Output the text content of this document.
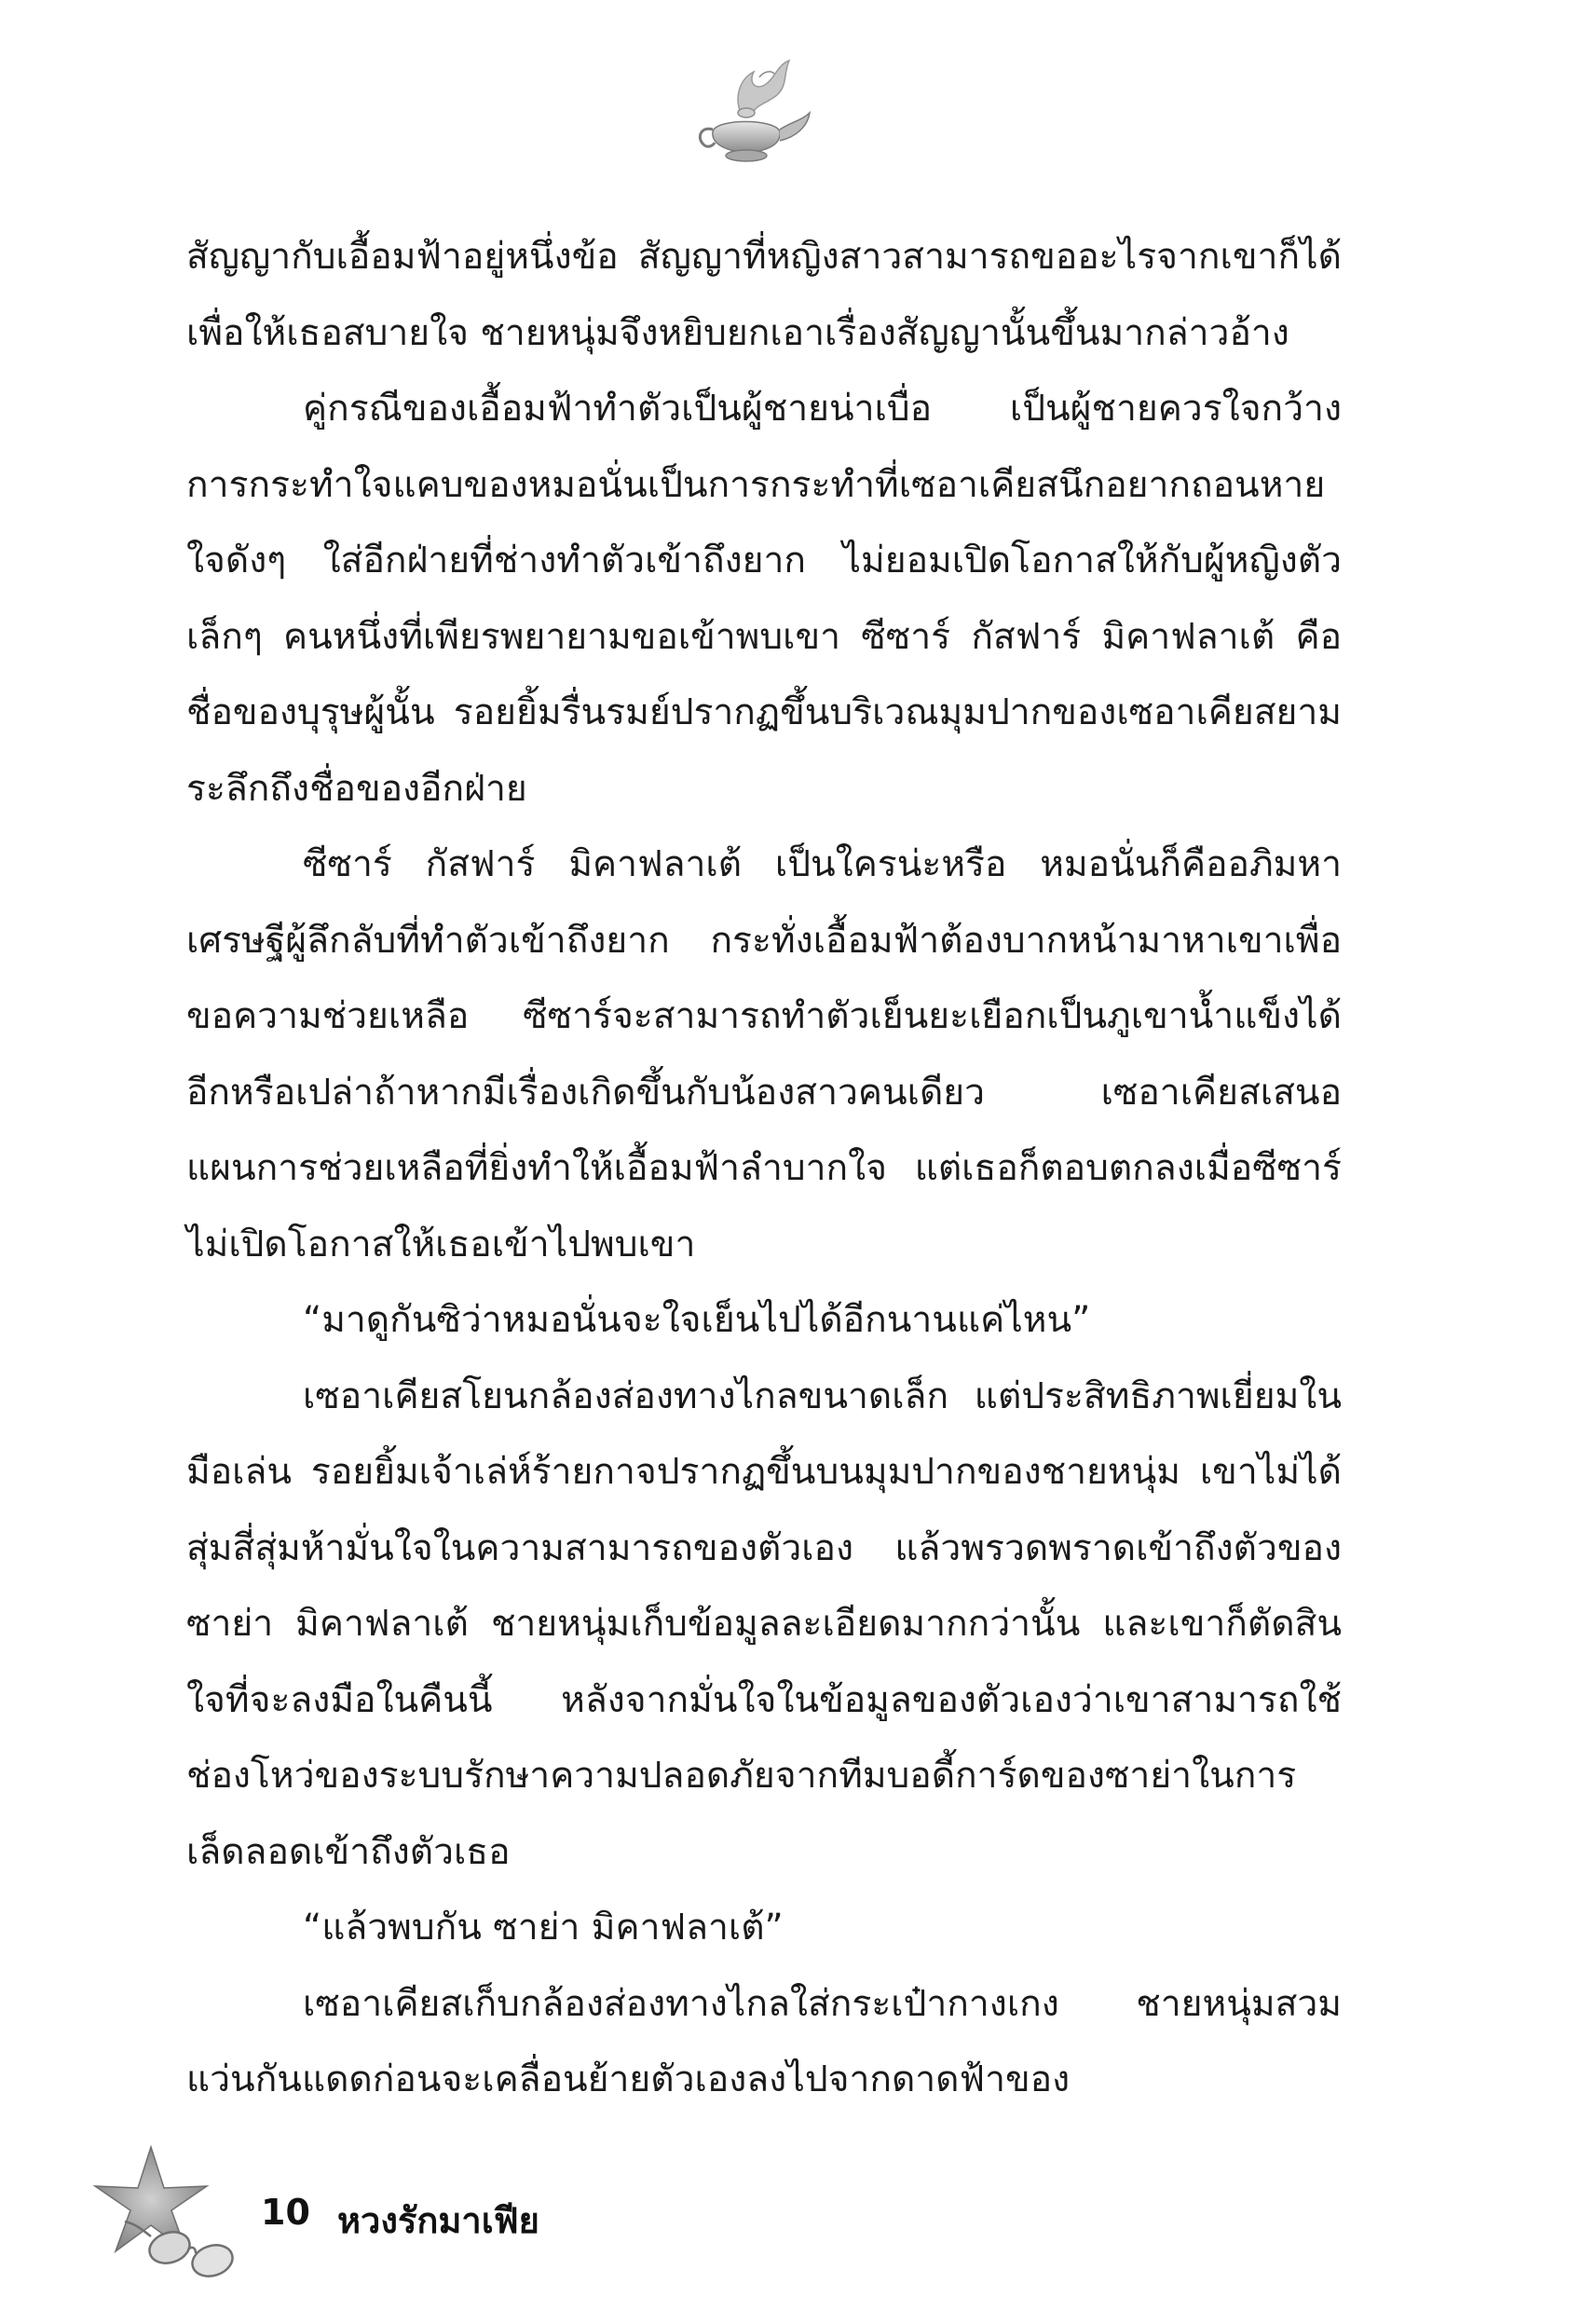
สัญญากับเอื้อมฟ้าอยู่หนึ่งข้อ สัญญาที่หญิงสาวสามารถขออะไรจากเขาก็ได้ เพื่อให้เธอสบายใจ ชายหนุ่มจึงหยิบยกเอาเรื่องสัญญานั้นขึ้นมากล่าวอ้าง

คู่กรณีของเอื้อมฟ้าทำตัวเป็นผู้ชายน่าเบื่อ เป็นผู้ชายควรใจกว้าง การกระทำใจแคบของหมอนั่นเป็นการกระทำที่เซอาเคียสนึกอยากถอนหายใจดังๆ ใส่อีกฝ่ายที่ช่างทำตัวเข้าถึงยาก ไม่ยอมเปิดโอกาสให้กับผู้หญิงตัวเล็กๆ คนหนึ่งที่เพียรพยายามขอเข้าพบเขา ซีซาร์ กัสฟาร์ มิคาฟลาเต้ คือชื่อของบุรุษผู้นั้น รอยยิ้มรื่นรมย์ปรากฏขึ้นบริเวณมุมปากของเซอาเคียสยามระลึกถึงชื่อของอีกฝ่าย

ซีซาร์ กัสฟาร์ มิคาฟลาเต้ เป็นใครน่ะหรือ หมอนั่นก็คืออภิมหาเศรษฐีผู้ลึกลับที่ทำตัวเข้าถึงยาก กระทั่งเอื้อมฟ้าต้องบากหน้ามาหาเขาเพื่อขอความช่วยเหลือ ซีซาร์จะสามารถทำตัวเย็นยะเยือกเป็นภูเขาน้ำแข็งได้อีกหรือเปล่าถ้าหากมีเรื่องเกิดขึ้นกับน้องสาวคนเดียว เซอาเคียสเสนอแผนการช่วยเหลือที่ยิ่งทำให้เอื้อมฟ้าลำบากใจ แต่เธอก็ตอบตกลงเมื่อซีซาร์ไม่เปิดโอกาสให้เธอเข้าไปพบเขา

“มาดูกันซิว่าหมอนั่นจะใจเย็นไปได้อีกนานแค่ไหน”

เซอาเคียสโยนกล้องส่องทางไกลขนาดเล็ก แต่ประสิทธิภาพเยี่ยมในมือเล่น รอยยิ้มเจ้าเล่ห์ร้ายกาจปรากฏขึ้นบนมุมปากของชายหนุ่ม เขาไม่ได้สุ่มสี่สุ่มห้ามั่นใจในความสามารถของตัวเอง แล้วพรวดพราดเข้าถึงตัวของ ซาย่า มิคาฟลาเต้ ชายหนุ่มเก็บข้อมูลละเอียดมากกว่านั้น และเขาก็ตัดสินใจที่จะลงมือในคืนนี้ หลังจากมั่นใจในข้อมูลของตัวเองว่าเขาสามารถใช้ช่องโหว่ของระบบรักษาความปลอดภัยจากทีมบอดี้การ์ดของซาย่าในการเล็ดลอดเข้าถึงตัวเธอ

“แล้วพบกัน ซาย่า มิคาฟลาเต้”

เซอาเคียสเก็บกล้องส่องทางไกลใส่กระเป๋ากางเกง ชายหนุ่มสวมแว่นกันแดดก่อนจะเคลื่อนย้ายตัวเองลงไปจากดาดฟ้าของ

10 หวงรักมาเฟีย
